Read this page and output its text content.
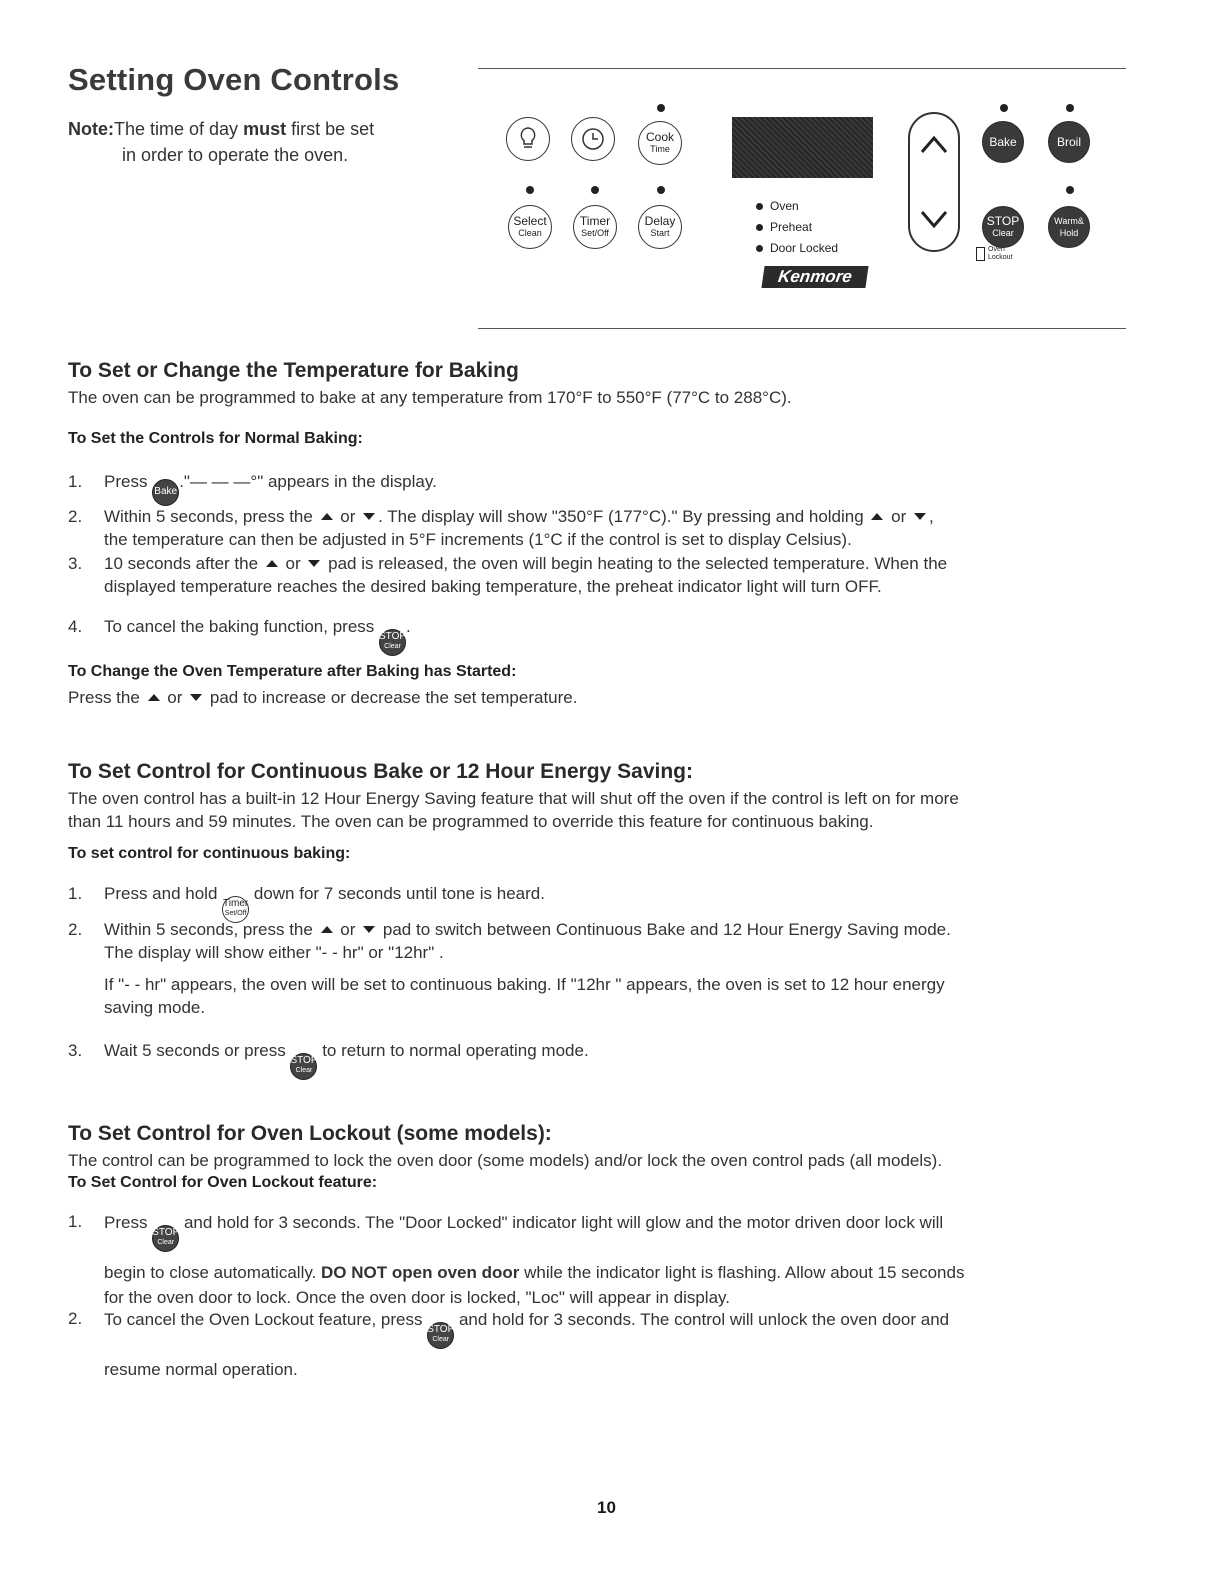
Setting Oven Controls
Note:The time of day must first be set
in order to operate the oven.
Cook
Time
Select
Clean
Timer
Set/Off
Delay
Start
Oven
Preheat
Door Locked
Kenmore
Bake	Broil
STOP
Clear
Warm&
Hold
Oven
Lockout
To Set or Change the Temperature for Baking

The oven can be programmed to bake at any temperature from 170°F to 550°F (77°C to 288°C).

To Set the Controls for Normal Baking:
1. Press
Bake
."— — —°" appears in the display.
2. Within 5 seconds, press the or . The display will show "350°F (177°C)." By pressing and holding or ,
the temperature can then be adjusted in 5°F increments (1°C if the control is set to display Celsius).
3. 10 seconds after the or pad is released, the oven will begin heating to the selected temperature. When the
displayed temperature reaches the desired baking temperature, the preheat indicator light will turn OFF.
4. To cancel the baking function, press
STOP
Clear
.
To Change the Oven Temperature after Baking has Started:

Press the or pad to increase or decrease the set temperature.

To Set Control for Continuous Bake or 12 Hour Energy Saving:

The oven control has a built-in 12 Hour Energy Saving feature that will shut off the oven if the control is left on for more
than 11 hours and 59 minutes. The oven can be programmed to override this feature for continuous baking.

To set control for continuous baking:
1. Press and hold
Timer
Set/Off
down for 7 seconds until tone is heard.
2. Within 5 seconds, press the or pad to switch between Continuous Bake and 12 Hour Energy Saving mode.
The display will show either "- - hr" or "12hr" .

If "- - hr" appears, the oven will be set to continuous baking. If "12hr " appears, the oven is set to 12 hour energy
saving mode.
3. Wait 5 seconds or press
STOP
Clear
to return to normal operating mode.
To Set Control for Oven Lockout (some models):

The control can be programmed to lock the oven door (some models) and/or lock the oven control pads (all models).

To Set Control for Oven Lockout feature:
1. Press
STOP
Clear
and hold for 3 seconds. The "Door Locked" indicator light will glow and the motor driven door lock will
begin to close automatically. DO NOT open oven door while the indicator light is flashing. Allow about 15 seconds
for the oven door to lock. Once the oven door is locked, "Loc" will appear in display.
2. To cancel the Oven Lockout feature, press
STOP
Clear
and hold for 3 seconds. The control will unlock the oven door and
resume normal operation.
10
